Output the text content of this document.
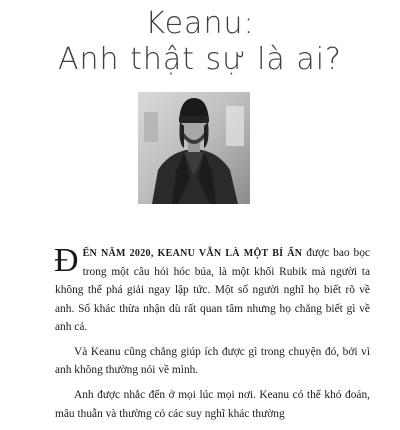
Keanu:
Anh thật sự là ai?

ĐẾN NĂM 2020, KEANU VẪN LÀ MỘT BÍ ẨN được bao bọc trong một câu hỏi hóc búa, là một khối Rubik mà người ta không thể phá giải ngay lập tức. Một số người nghĩ họ biết rõ về anh. Số khác thừa nhận dù rất quan tâm nhưng họ chẳng biết gì về anh cả.

Và Keanu cũng chẳng giúp ích được gì trong chuyện đó, bởi vì anh không thường nói về mình.

Anh được nhắc đến ở mọi lúc mọi nơi. Keanu có thể khó đoán, mâu thuẫn và thường có các suy nghĩ khác thường
